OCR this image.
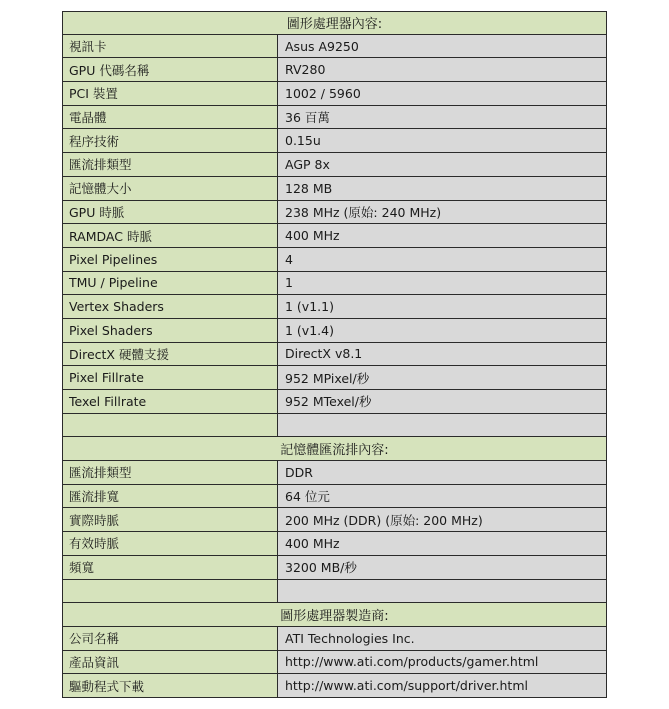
圖形處理器內容:
視訊卡	Asus A9250
GPU 代碼名稱	RV280
PCI 裝置	1002 / 5960
電晶體	36 百萬
程序技術	0.15u
匯流排類型	AGP 8x
記憶體大小	128 MB
GPU 時脈	238 MHz (原始: 240 MHz)
RAMDAC 時脈	400 MHz
Pixel Pipelines	4
TMU / Pipeline	1
Vertex Shaders	1 (v1.1)
Pixel Shaders	1 (v1.4)
DirectX 硬體支援	DirectX v8.1
Pixel Fillrate	952 MPixel/秒
Texel Fillrate	952 MTexel/秒
記憶體匯流排內容:
匯流排類型	DDR
匯流排寬	64 位元
實際時脈	200 MHz (DDR) (原始: 200 MHz)
有效時脈	400 MHz
頻寬	3200 MB/秒
圖形處理器製造商:
公司名稱	ATI Technologies Inc.
產品資訊	http://www.ati.com/products/gamer.html
驅動程式下載	http://www.ati.com/support/driver.html
